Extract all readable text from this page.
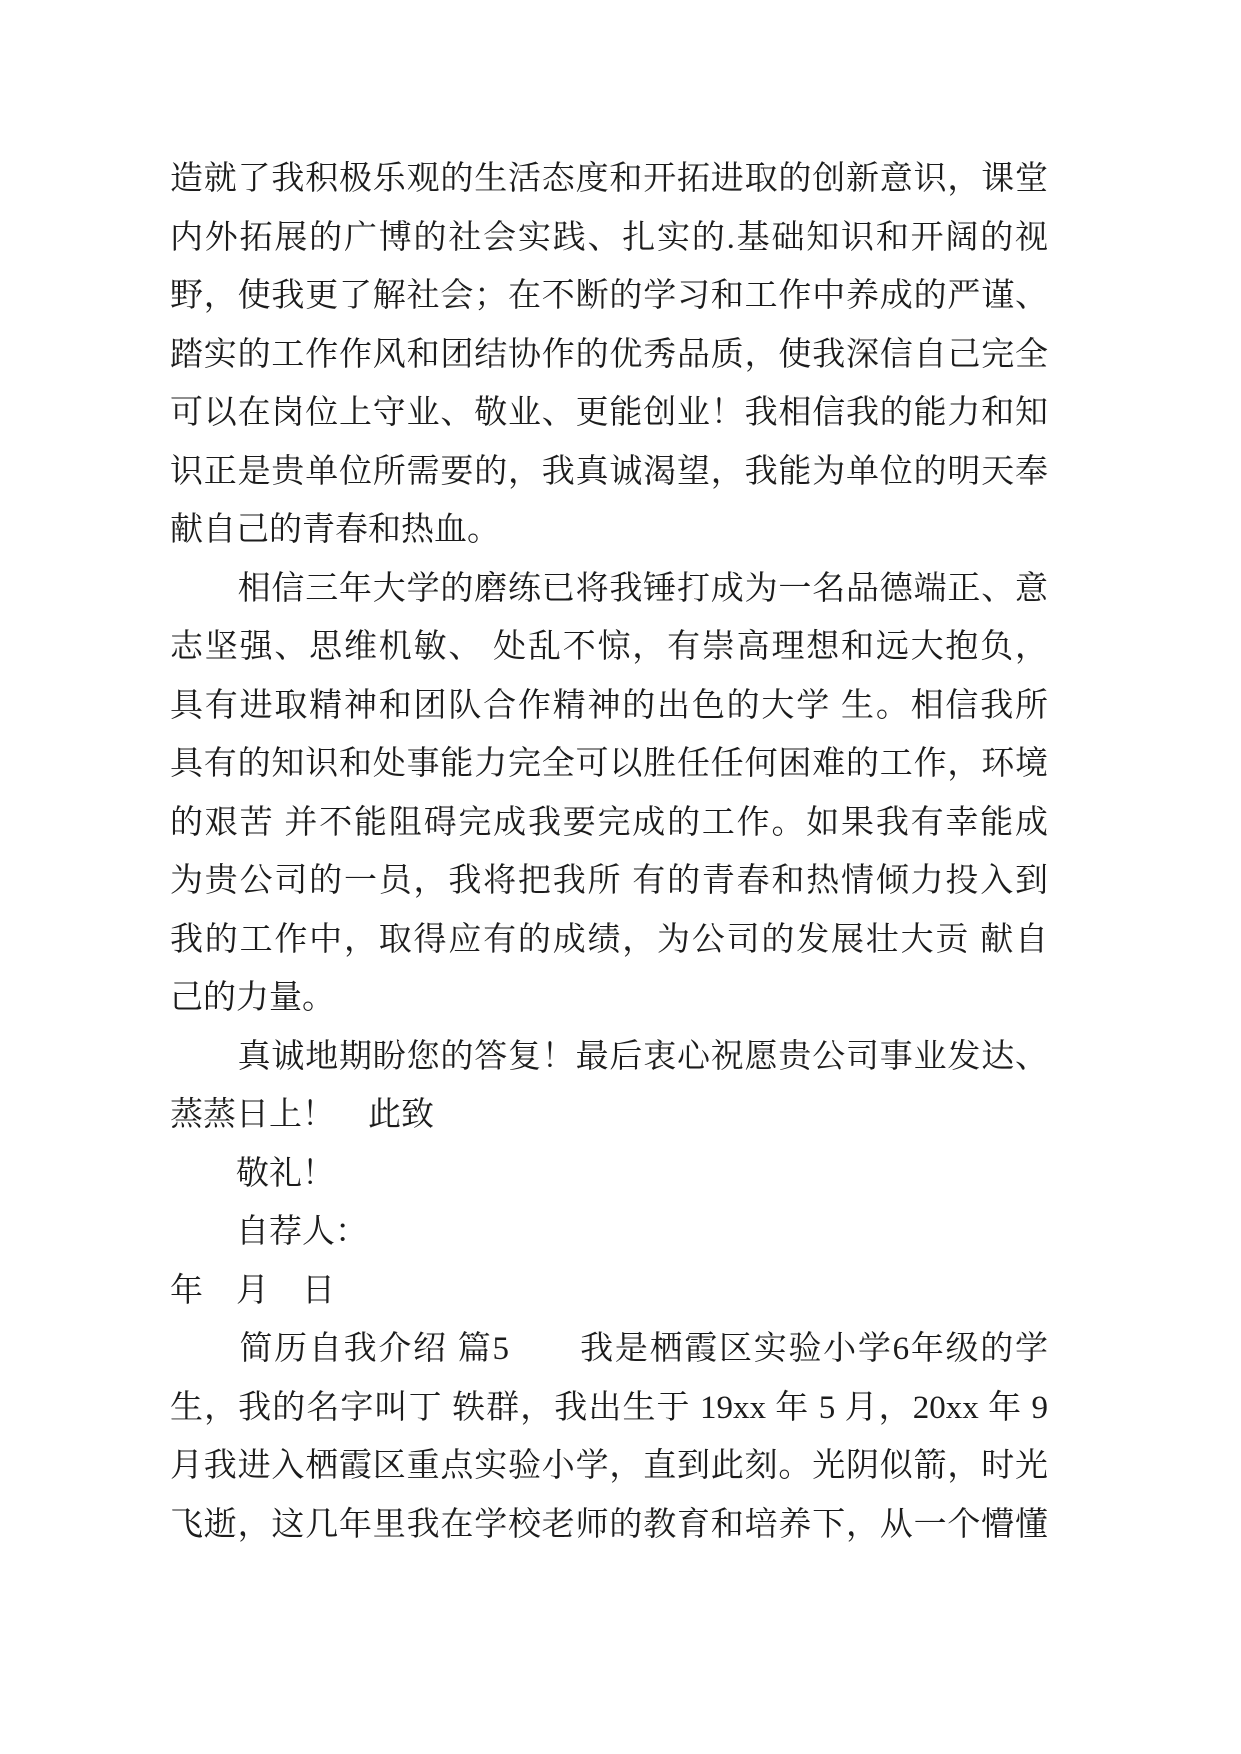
造就了我积极乐观的生活态度和开拓进取的创新意识，课堂
内外拓展的广博的社会实践、扎实的.基础知识和开阔的视
野，使我更了解社会；在不断的学习和工作中养成的严谨、
踏实的工作作风和团结协作的优秀品质，使我深信自己完全
可以在岗位上守业、敬业、更能创业！我相信我的能力和知
识正是贵单位所需要的，我真诚渴望，我能为单位的明天奉
献自己的青春和热血。
　　相信三年大学的磨练已将我锤打成为一名品德端正、意
志坚强、思维机敏、 处乱不惊，有崇高理想和远大抱负，
具有进取精神和团队合作精神的出色的大学 生。相信我所
具有的知识和处事能力完全可以胜任任何困难的工作，环境
的艰苦 并不能阻碍完成我要完成的工作。如果我有幸能成
为贵公司的一员，我将把我所 有的青春和热情倾力投入到
我的工作中，取得应有的成绩，为公司的发展壮大贡 献自
己的力量。
　　真诚地期盼您的答复！最后衷心祝愿贵公司事业发达、
蒸蒸日上！　此致
　　敬礼！
　　自荐人：
年　月　日
　　简历自我介绍 篇5　　我是栖霞区实验小学6年级的学
生，我的名字叫丁 轶群，我出生于 19xx 年 5 月，20xx 年 9
月我进入栖霞区重点实验小学，直到此刻。光阴似箭，时光
飞逝，这几年里我在学校老师的教育和培养下，从一个懵懂
